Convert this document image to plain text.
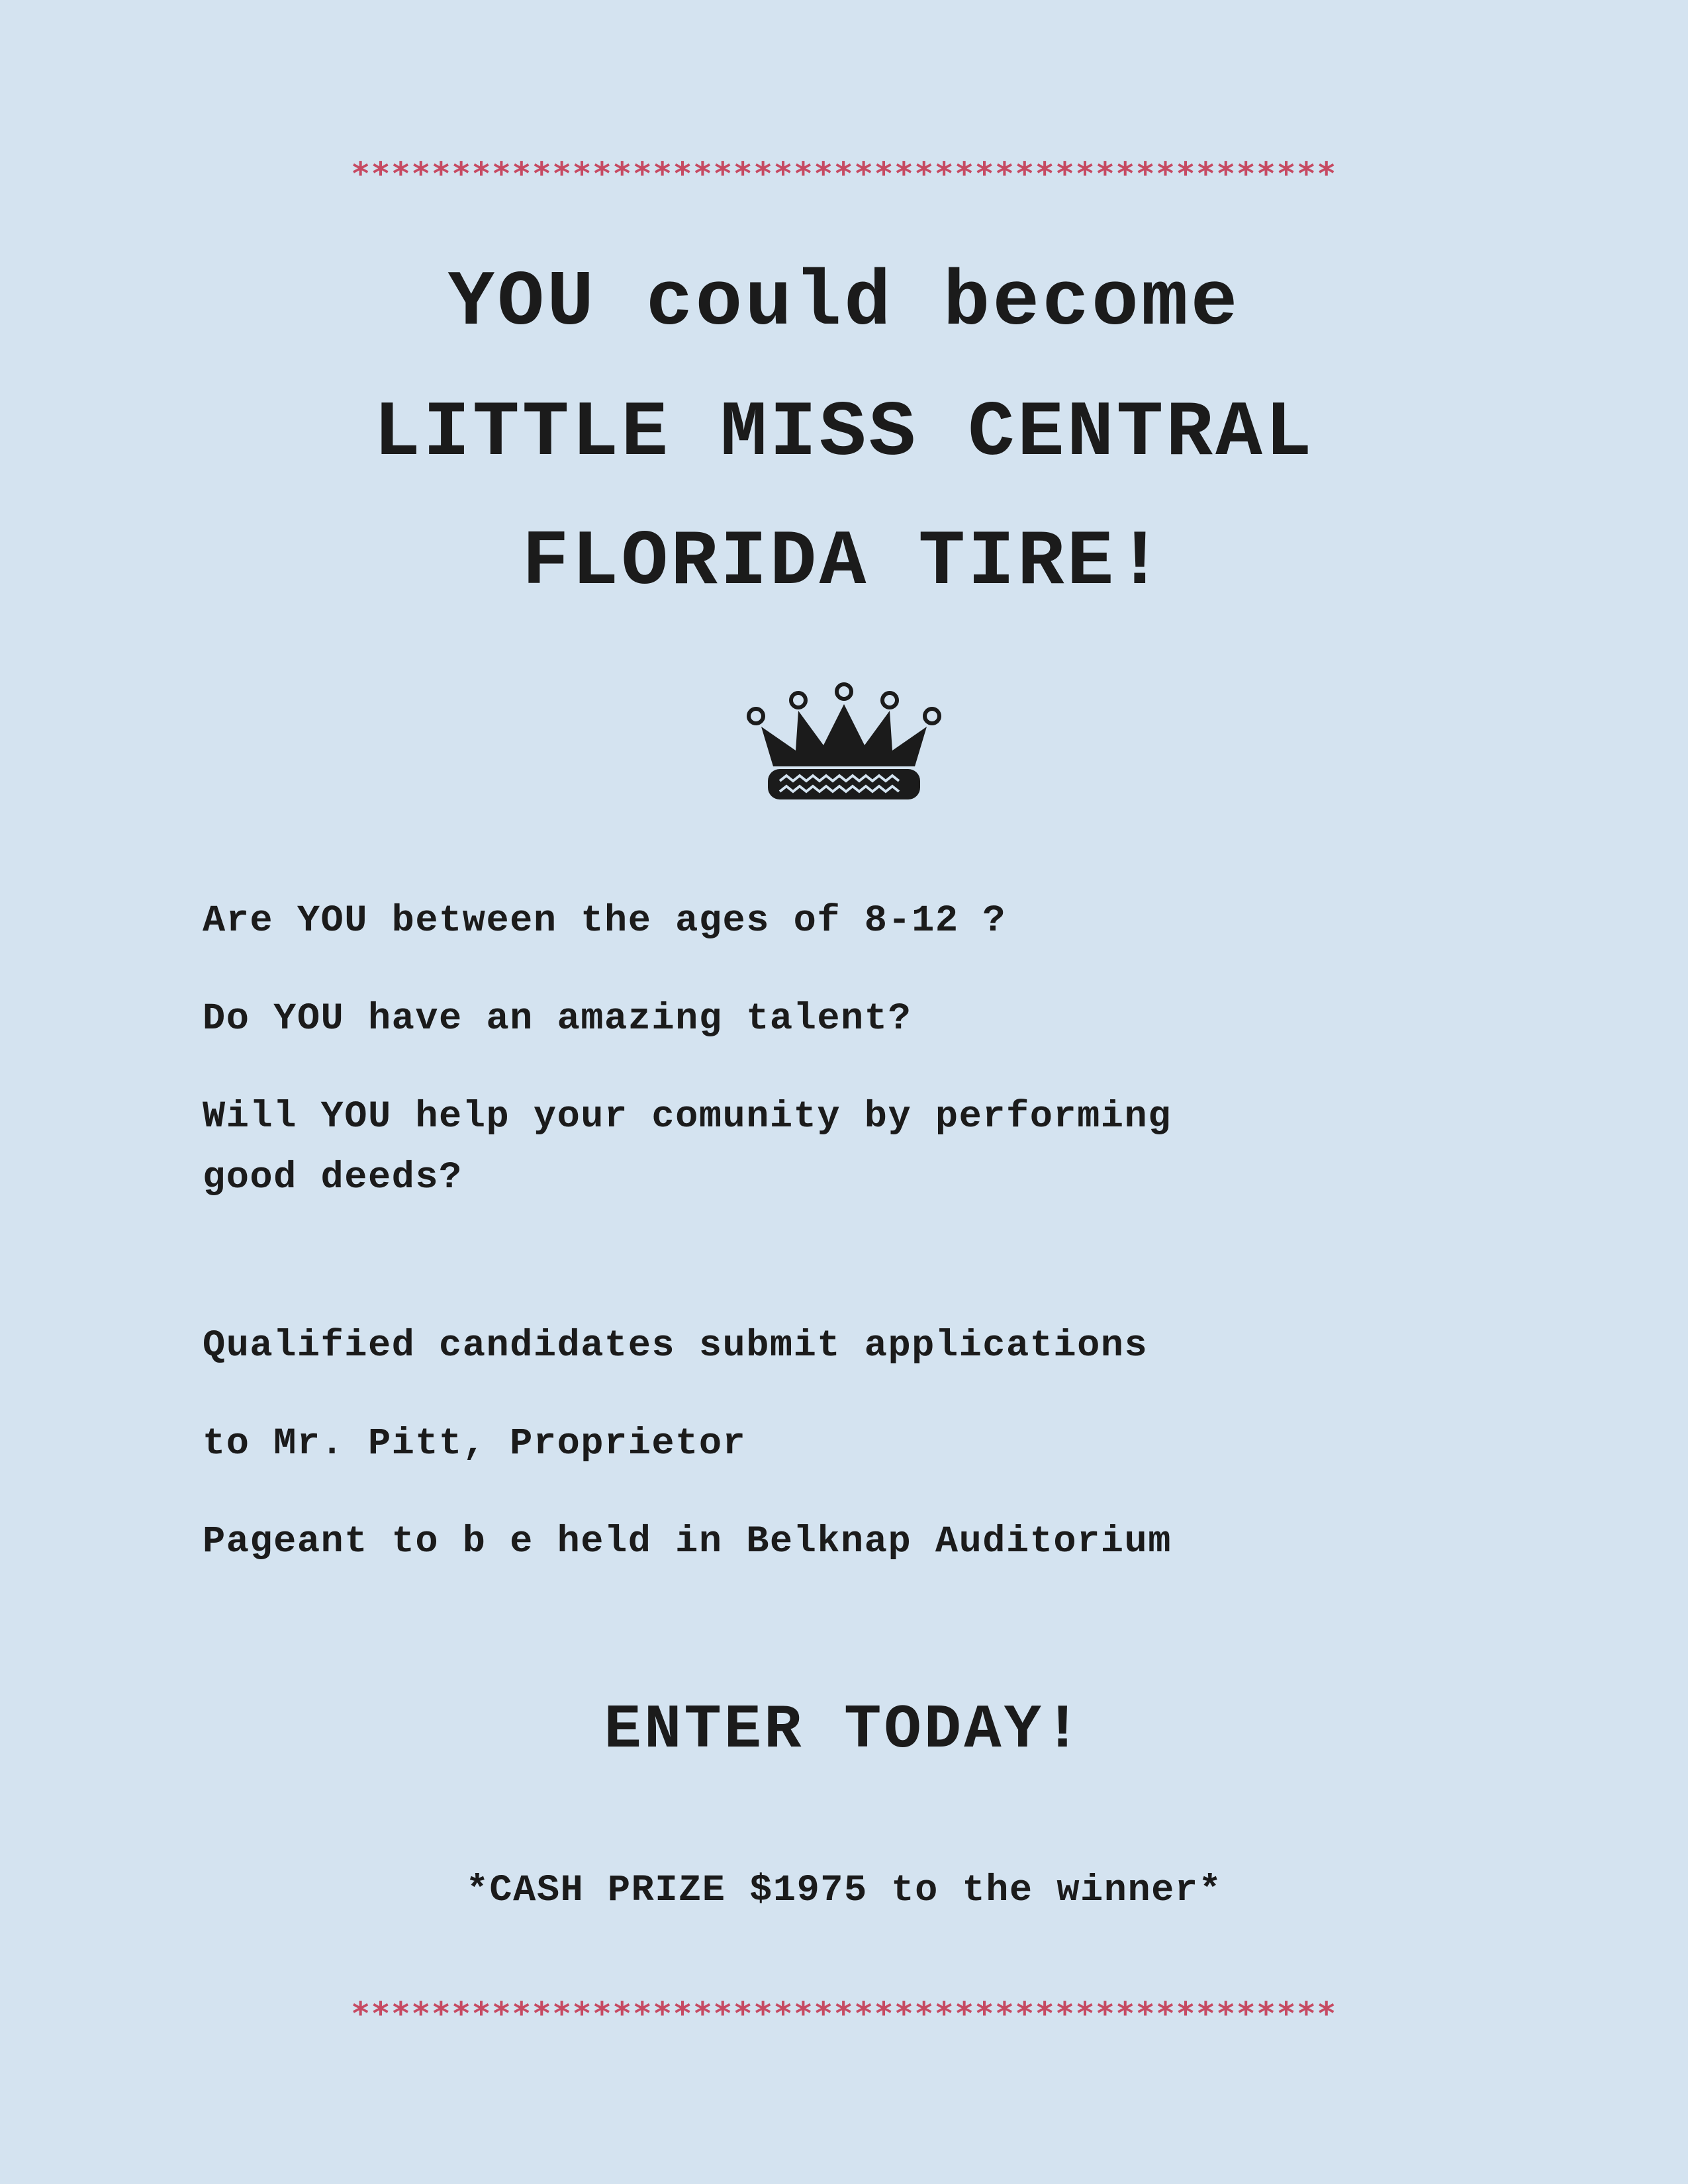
*************************************************
YOU could become
LITTLE MISS CENTRAL
FLORIDA TIRE!
Are YOU between the ages of 8-12 ?
Do YOU have an amazing talent?
Will YOU help your comunity by performing
good deeds?
Qualified candidates submit applications
to Mr. Pitt, Proprietor
Pageant to b e held in Belknap Auditorium
ENTER TODAY!
*CASH PRIZE $1975 to the winner*
*************************************************
